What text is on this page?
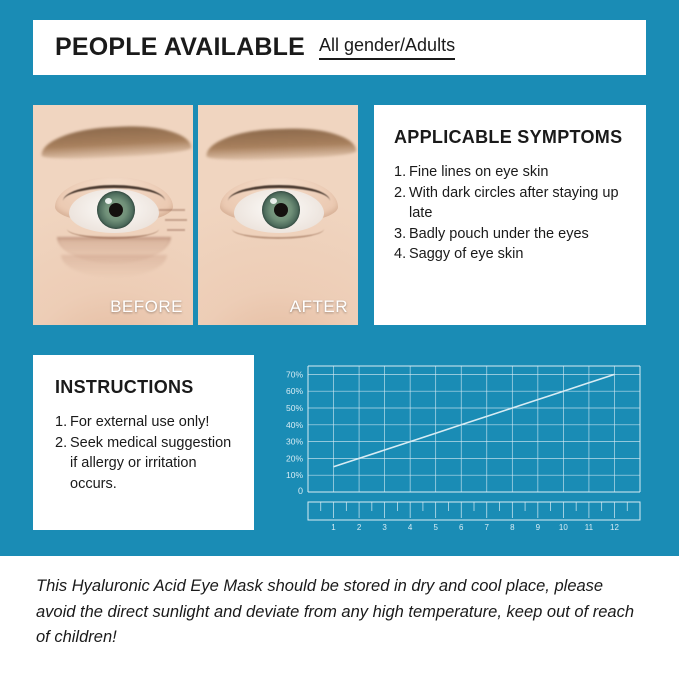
PEOPLE AVAILABLE All gender/Adults
BEFORE	AFTER
APPLICABLE SYMPTOMS
1. Fine lines on eye skin
2. With dark circles after staying up late
3. Badly pouch under the eyes
4. Saggy of eye skin
INSTRUCTIONS
1. For external use only!
2. Seek medical suggestion if allergy or irritation occurs.
10%
20%
30%
40%
50%
60%
70%
1	2	3	4	5	6	7	8	9 10 11 12
0
This Hyaluronic Acid Eye Mask should be stored in dry and cool place, please avoid the direct sunlight and deviate from any high temperature, keep out of reach of children!
